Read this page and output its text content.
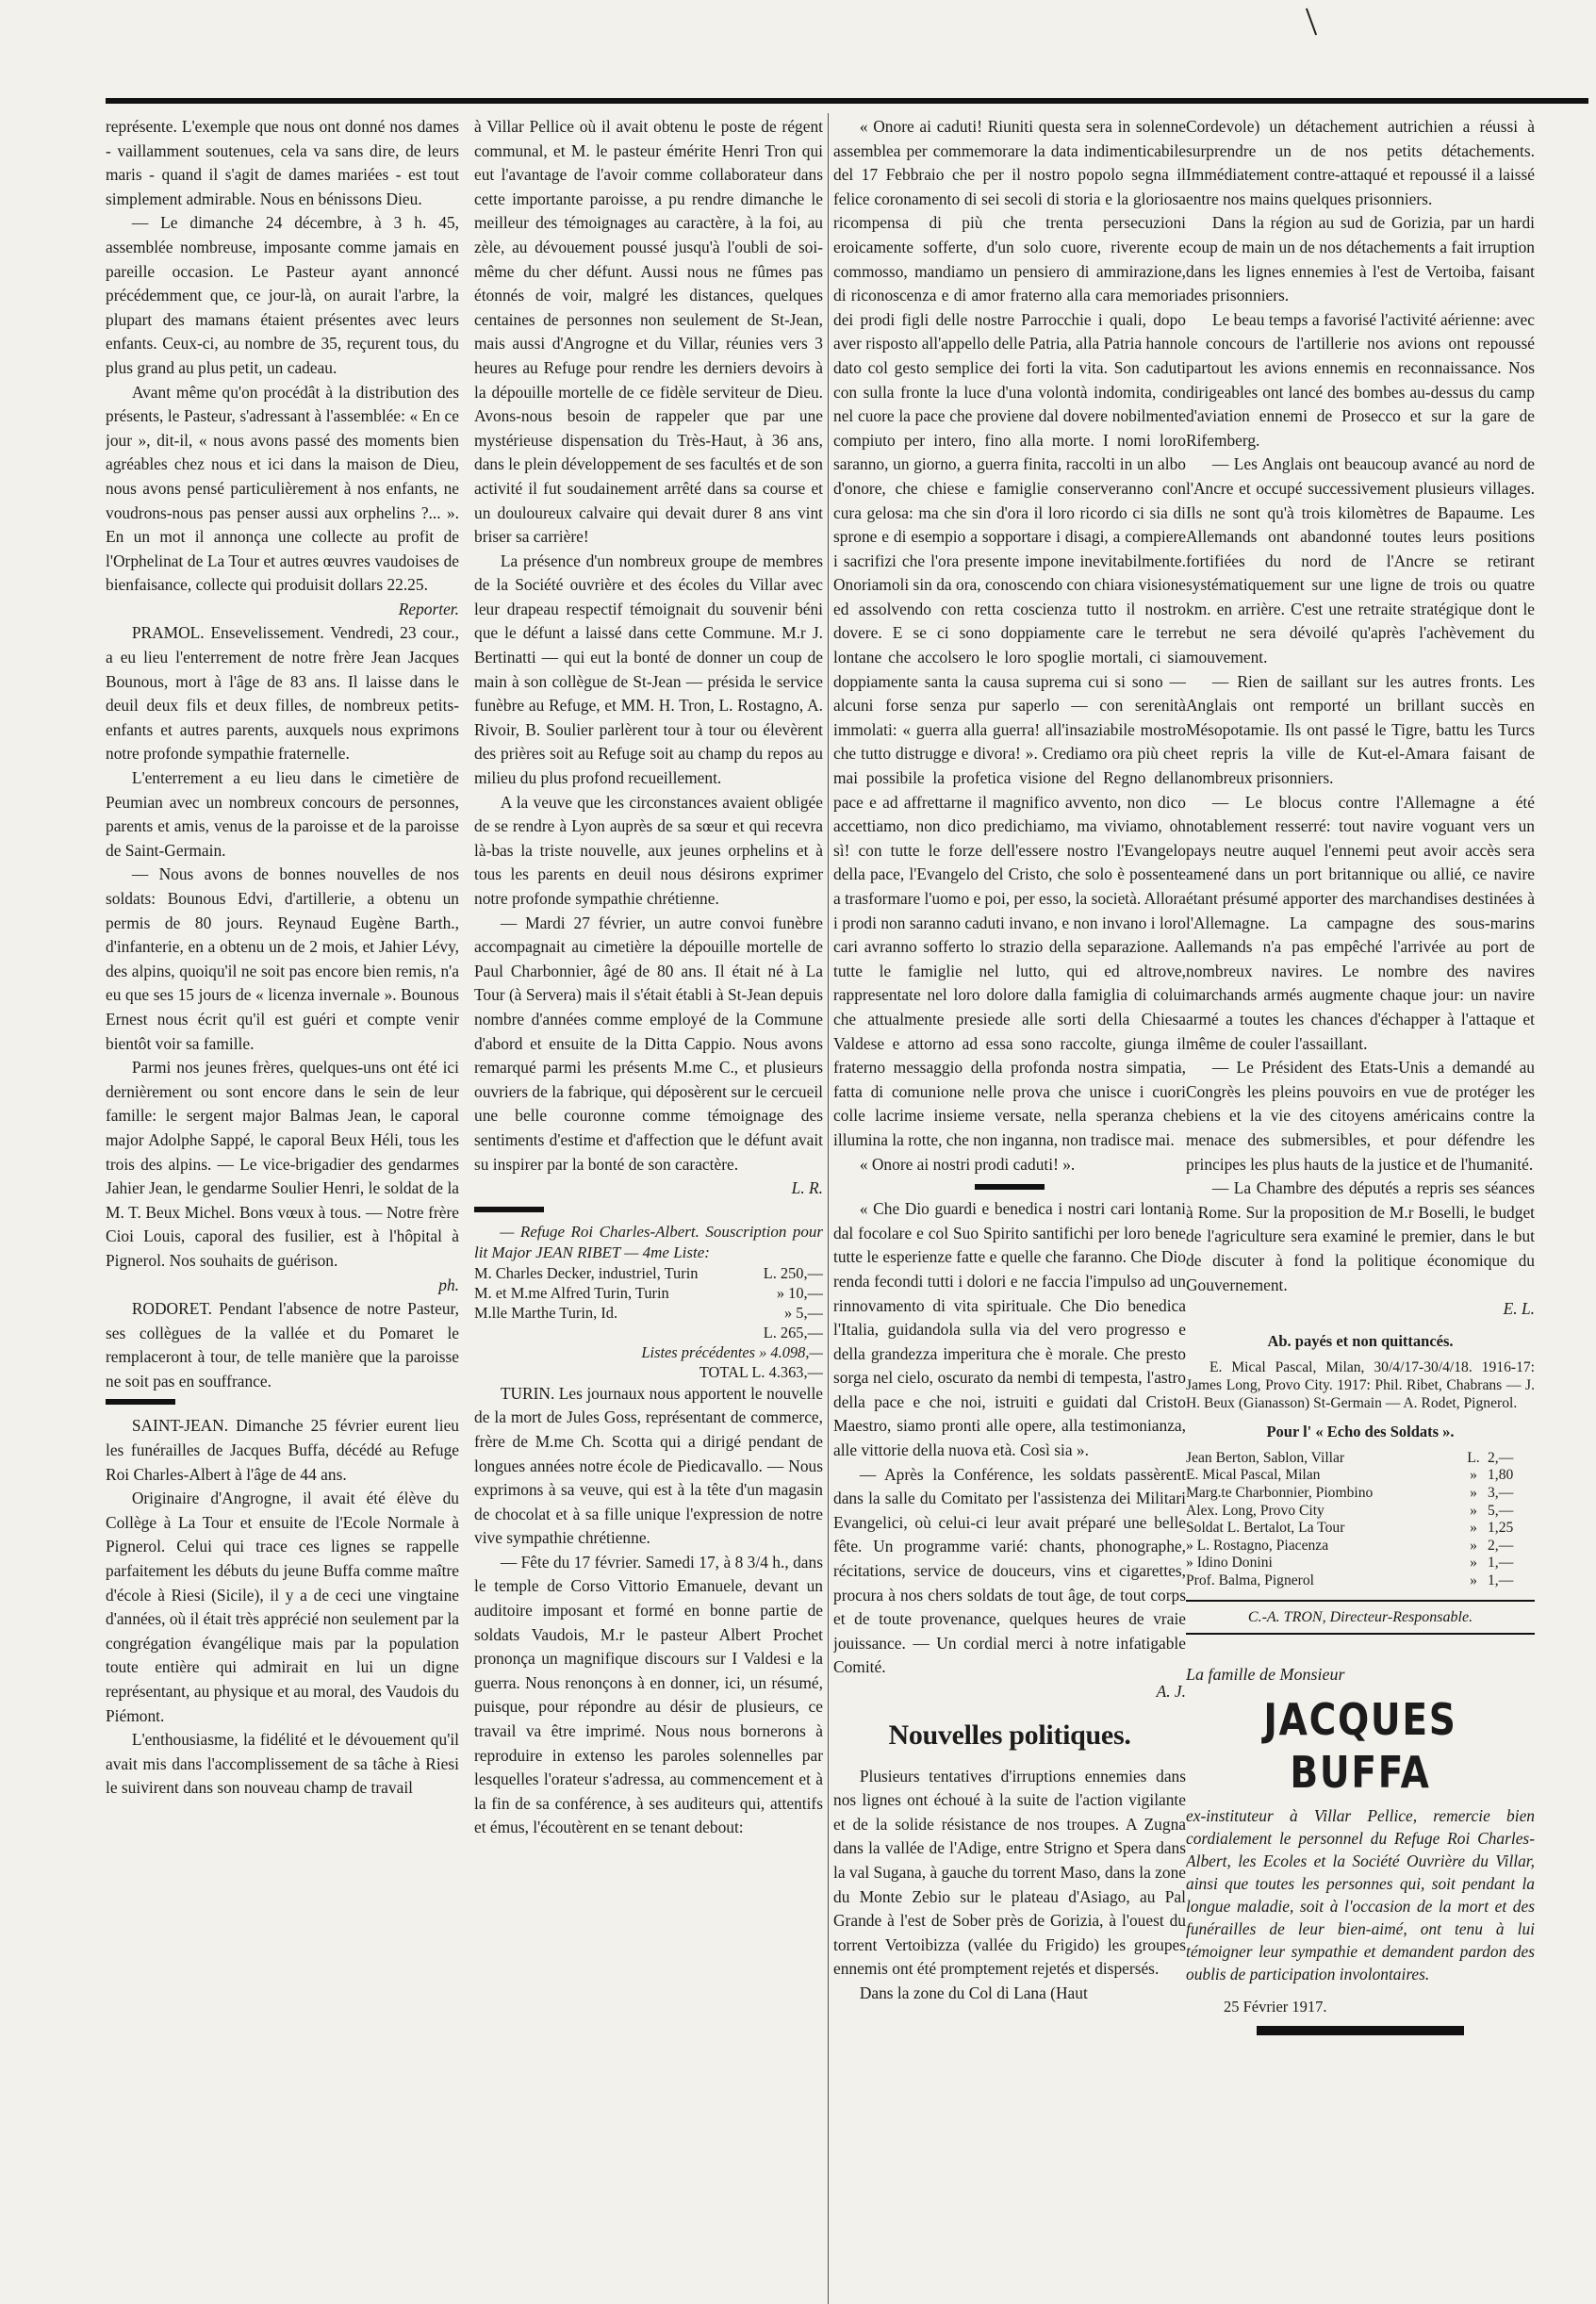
représente. L'exemple que nous ont donné nos dames - vaillamment soutenues, cela va sans dire, de leurs maris - quand il s'agit de dames mariées - est tout simplement admirable. Nous en bénissons Dieu.

— Le dimanche 24 décembre, à 3 h. 45, assemblée nombreuse, imposante comme jamais en pareille occasion. Le Pasteur ayant annoncé précédemment que, ce jour-là, on aurait l'arbre, la plupart des mamans étaient présentes avec leurs enfants. Ceux-ci, au nombre de 35, reçurent tous, du plus grand au plus petit, un cadeau.

Avant même qu'on procédât à la distribution des présents, le Pasteur, s'adressant à l'assemblée: « En ce jour », dit-il, « nous avons passé des moments bien agréables chez nous et ici dans la maison de Dieu, nous avons pensé particulièrement à nos enfants, ne voudrons-nous pas penser aussi aux orphelins ?... ». En un mot il annonça une collecte au profit de l'Orphelinat de La Tour et autres œuvres vaudoises de bienfaisance, collecte qui produisit dollars 22.25.

Reporter.

PRAMOL. Ensevelissement. Vendredi, 23 cour., a eu lieu l'enterrement de notre frère Jean Jacques Bounous, mort à l'âge de 83 ans. Il laisse dans le deuil deux fils et deux filles, de nombreux petits-enfants et autres parents, auxquels nous exprimons notre profonde sympathie fraternelle.

L'enterrement a eu lieu dans le cimetière de Peumian avec un nombreux concours de personnes, parents et amis, venus de la paroisse et de la paroisse de Saint-Germain.

— Nous avons de bonnes nouvelles de nos soldats: Bounous Edvi, d'artillerie, a obtenu un permis de 80 jours. Reynaud Eugène Barth., d'infanterie, en a obtenu un de 2 mois, et Jahier Lévy, des alpins, quoiqu'il ne soit pas encore bien remis, n'a eu que ses 15 jours de « licenza invernale ». Bounous Ernest nous écrit qu'il est guéri et compte venir bientôt voir sa famille.

Parmi nos jeunes frères, quelques-uns ont été ici dernièrement ou sont encore dans le sein de leur famille: le sergent major Balmas Jean, le caporal major Adolphe Sappé, le caporal Beux Héli, tous les trois des alpins. — Le vice-brigadier des gendarmes Jahier Jean, le gendarme Soulier Henri, le soldat de la M. T. Beux Michel. Bons vœux à tous. — Notre frère Cioi Louis, caporal des fusilier, est à l'hôpital à Pignerol. Nos souhaits de guérison.

ph.

RODORET. Pendant l'absence de notre Pasteur, ses collègues de la vallée et du Pomaret le remplaceront à tour, de telle manière que la paroisse ne soit pas en souffrance.

SAINT-JEAN. Dimanche 25 février eurent lieu les funérailles de Jacques Buffa, décédé au Refuge Roi Charles-Albert à l'âge de 44 ans.

Originaire d'Angrogne, il avait été élève du Collège à La Tour et ensuite de l'Ecole Normale à Pignerol. Celui qui trace ces lignes se rappelle parfaitement les débuts du jeune Buffa comme maître d'école à Riesi (Sicile), il y a de ceci une vingtaine d'années, où il était très apprécié non seulement par la congrégation évangélique mais par la population toute entière qui admirait en lui un digne représentant, au physique et au moral, des Vaudois du Piémont.

L'enthousiasme, la fidélité et le dévouement qu'il avait mis dans l'accomplissement de sa tâche à Riesi le suivirent dans son nouveau champ de travail

à Villar Pellice où il avait obtenu le poste de régent communal, et M. le pasteur émérite Henri Tron qui eut l'avantage de l'avoir comme collaborateur dans cette importante paroisse, a pu rendre dimanche le meilleur des témoignages au caractère, à la foi, au zèle, au dévouement poussé jusqu'à l'oubli de soi-même du cher défunt. Aussi nous ne fûmes pas étonnés de voir, malgré les distances, quelques centaines de personnes non seulement de St-Jean, mais aussi d'Angrogne et du Villar, réunies vers 3 heures au Refuge pour rendre les derniers devoirs à la dépouille mortelle de ce fidèle serviteur de Dieu. Avons-nous besoin de rappeler que par une mystérieuse dispensation du Très-Haut, à 36 ans, dans le plein développement de ses facultés et de son activité il fut soudainement arrêté dans sa course et un douloureux calvaire qui devait durer 8 ans vint briser sa carrière!

La présence d'un nombreux groupe de membres de la Société ouvrière et des écoles du Villar avec leur drapeau respectif témoignait du souvenir béni que le défunt a laissé dans cette Commune. M.r J. Bertinatti — qui eut la bonté de donner un coup de main à son collègue de St-Jean — présida le service funèbre au Refuge, et MM. H. Tron, L. Rostagno, A. Rivoir, B. Soulier parlèrent tour à tour ou élevèrent des prières soit au Refuge soit au champ du repos au milieu du plus profond recueillement.

A la veuve que les circonstances avaient obligée de se rendre à Lyon auprès de sa sœur et qui recevra là-bas la triste nouvelle, aux jeunes orphelins et à tous les parents en deuil nous désirons exprimer notre profonde sympathie chrétienne.

— Mardi 27 février, un autre convoi funèbre accompagnait au cimetière la dépouille mortelle de Paul Charbonnier, âgé de 80 ans. Il était né à La Tour (à Servera) mais il s'était établi à St-Jean depuis nombre d'années comme employé de la Commune d'abord et ensuite de la Ditta Cappio. Nous avons remarqué parmi les présents M.me C., et plusieurs ouvriers de la fabrique, qui déposèrent sur le cercueil une belle couronne comme témoignage des sentiments d'estime et d'affection que le défunt avait su inspirer par la bonté de son caractère.

L. R.

— Refuge Roi Charles-Albert. Souscription pour lit Major JEAN RIBET — 4me Liste:

M. Charles Decker, industriel, Turin	L. 250,—
M. et M.me Alfred Turin, Turin	» 10,—
M.lle Marthe Turin, Id.	» 5,—
L. 265,—
Listes précédentes » 4.098,—
TOTAL L. 4.363,—

TURIN. Les journaux nous apportent le nouvelle de la mort de Jules Goss, représentant de commerce, frère de M.me Ch. Scotta qui a dirigé pendant de longues années notre école de Piedicavallo. — Nous exprimons à sa veuve, qui est à la tête d'un magasin de chocolat et à sa fille unique l'expression de notre vive sympathie chrétienne.

— Fête du 17 février. Samedi 17, à 8 3/4 h., dans le temple de Corso Vittorio Emanuele, devant un auditoire imposant et formé en bonne partie de soldats Vaudois, M.r le pasteur Albert Prochet prononça un magnifique discours sur I Valdesi e la guerra. Nous renonçons à en donner, ici, un résumé, puisque, pour répondre au désir de plusieurs, ce travail va être imprimé. Nous nous bornerons à reproduire in extenso les paroles solennelles par lesquelles l'orateur s'adressa, au commencement et à la fin de sa conférence, à ses auditeurs qui, attentifs et émus, l'écoutèrent en se tenant debout:

« Onore ai caduti! Riuniti questa sera in solenne assemblea per commemorare la data indimenticabile del 17 Febbraio che per il nostro popolo segna il felice coronamento di sei secoli di storia e la gloriosa ricompensa di più che trenta persecuzioni eroicamente sofferte, d'un solo cuore, riverente e commosso, mandiamo un pensiero di ammirazione, di riconoscenza e di amor fraterno alla cara memoria dei prodi figli delle nostre Parrocchie i quali, dopo aver risposto all'appello delle Patria, alla Patria hanno dato col gesto semplice dei forti la vita. Son caduti con sulla fronte la luce d'una volontà indomita, con nel cuore la pace che proviene dal dovere nobilmente compiuto per intero, fino alla morte. I nomi loro saranno, un giorno, a guerra finita, raccolti in un albo d'onore, che chiese e famiglie conserveranno con cura gelosa: ma che sin d'ora il loro ricordo ci sia di sprone e di esempio a sopportare i disagi, a compiere i sacrifizi che l'ora presente impone inevitabilmente. Onoriamoli sin da ora, conoscendo con chiara visione ed assolvendo con retta coscienza tutto il nostro dovere. E se ci sono doppiamente care le terre lontane che accolsero le loro spoglie mortali, ci sia doppiamente santa la causa suprema cui si sono — alcuni forse senza pur saperlo — con serenità immolati: « guerra alla guerra! all'insaziabile mostro che tutto distrugge e divora! ». Crediamo ora più che mai possibile la profetica visione del Regno della pace e ad affrettarne il magnifico avvento, non dico accettiamo, non dico predichiamo, ma viviamo, oh sì! con tutte le forze dell'essere nostro l'Evangelo della pace, l'Evangelo del Cristo, che solo è possente a trasformare l'uomo e poi, per esso, la società. Allora i prodi non saranno caduti invano, e non invano i loro cari avranno sofferto lo strazio della separazione. A tutte le famiglie nel lutto, qui ed altrove, rappresentate nel loro dolore dalla famiglia di colui che attualmente presiede alle sorti della Chiesa Valdese e attorno ad essa sono raccolte, giunga il fraterno messaggio della profonda nostra simpatia, fatta di comunione nelle prova che unisce i cuori colle lacrime insieme versate, nella speranza che illumina la rotte, che non inganna, non tradisce mai.

« Onore ai nostri prodi caduti! ».

« Che Dio guardi e benedica i nostri cari lontani dal focolare e col Suo Spirito santifichi per loro bene tutte le esperienze fatte e quelle che faranno. Che Dio renda fecondi tutti i dolori e ne faccia l'impulso ad un rinnovamento di vita spirituale. Che Dio benedica l'Italia, guidandola sulla via del vero progresso e della grandezza imperitura che è morale. Che presto sorga nel cielo, oscurato da nembi di tempesta, l'astro della pace e che noi, istruiti e guidati dal Cristo Maestro, siamo pronti alle opere, alla testimonianza, alle vittorie della nuova età. Così sia ».

— Après la Conférence, les soldats passèrent dans la salle du Comitato per l'assistenza dei Militari Evangelici, où celui-ci leur avait préparé une belle fête. Un programme varié: chants, phonographe, récitations, service de douceurs, vins et cigarettes, procura à nos chers soldats de tout âge, de tout corps et de toute provenance, quelques heures de vraie jouissance. — Un cordial merci à notre infatigable Comité.

A. J.

Nouvelles politiques.

Plusieurs tentatives d'irruptions ennemies dans nos lignes ont échoué à la suite de l'action vigilante et de la solide résistance de nos troupes. A Zugna dans la vallée de l'Adige, entre Strigno et Spera dans la val Sugana, à gauche du torrent Maso, dans la zone du Monte Zebio sur le plateau d'Asiago, au Pal Grande à l'est de Sober près de Gorizia, à l'ouest du torrent Vertoibizza (vallée du Frigido) les groupes ennemis ont été promptement rejetés et dispersés.

Dans la zone du Col di Lana (Haut

Cordevole) un détachement autrichien a réussi à surprendre un de nos petits détachements. Immédiatement contre-attaqué et repoussé il a laissé entre nos mains quelques prisonniers.

Dans la région au sud de Gorizia, par un hardi coup de main un de nos détachements a fait irruption dans les lignes ennemies à l'est de Vertoiba, faisant des prisonniers.

Le beau temps a favorisé l'activité aérienne: avec le concours de l'artillerie nos avions ont repoussé partout les avions ennemis en reconnaissance. Nos dirigeables ont lancé des bombes au-dessus du camp d'aviation ennemi de Prosecco et sur la gare de Rifemberg.

— Les Anglais ont beaucoup avancé au nord de l'Ancre et occupé successivement plusieurs villages. Ils ne sont qu'à trois kilomètres de Bapaume. Les Allemands ont abandonné toutes leurs positions fortifiées du nord de l'Ancre se retirant systématiquement sur une ligne de trois ou quatre km. en arrière. C'est une retraite stratégique dont le but ne sera dévoilé qu'après l'achèvement du mouvement.

— Rien de saillant sur les autres fronts. Les Anglais ont remporté un brillant succès en Mésopotamie. Ils ont passé le Tigre, battu les Turcs et repris la ville de Kut-el-Amara faisant de nombreux prisonniers.

— Le blocus contre l'Allemagne a été notablement resserré: tout navire voguant vers un pays neutre auquel l'ennemi peut avoir accès sera amené dans un port britannique ou allié, ce navire étant présumé apporter des marchandises destinées à l'Allemagne. La campagne des sous-marins allemands n'a pas empêché l'arrivée au port de nombreux navires. Le nombre des navires marchands armés augmente chaque jour: un navire armé a toutes les chances d'échapper à l'attaque et même de couler l'assaillant.

— Le Président des Etats-Unis a demandé au Congrès les pleins pouvoirs en vue de protéger les biens et la vie des citoyens américains contre la menace des submersibles, et pour défendre les principes les plus hauts de la justice et de l'humanité.

— La Chambre des députés a repris ses séances à Rome. Sur la proposition de M.r Boselli, le budget de l'agriculture sera examiné le premier, dans le but de discuter à fond la politique économique du Gouvernement.

E. L.

Ab. payés et non quittancés.

E. Mical Pascal, Milan, 30/4/17-30/4/18. 1916-17: James Long, Provo City. 1917: Phil. Ribet, Chabrans — J. H. Beux (Gianasson) St-Germain — A. Rodet, Pignerol.

Pour l' « Echo des Soldats ».
Jean Berton, Sablon, Villar	L. 2,—
E. Mical Pascal, Milan	» 1,80
Marg.te Charbonnier, Piombino	» 3,—
Alex. Long, Provo City	» 5,—
Soldat L. Bertalot, La Tour	» 1,25
» L. Rostagno, Piacenza	» 2,—
» Idino Donini	» 1,—
Prof. Balma, Pignerol	» 1,—
C.-A. TRON, Directeur-Responsable.
La famille de Monsieur
JACQUES BUFFA
ex-instituteur à Villar Pellice, remercie bien cordialement le personnel du Refuge Roi Charles-Albert, les Ecoles et la Société Ouvrière du Villar, ainsi que toutes les personnes qui, soit pendant la longue maladie, soit à l'occasion de la mort et des funérailles de leur bien-aimé, ont tenu à lui témoigner leur sympathie et demandent pardon des oublis de participation involontaires.
25 Février 1917.
